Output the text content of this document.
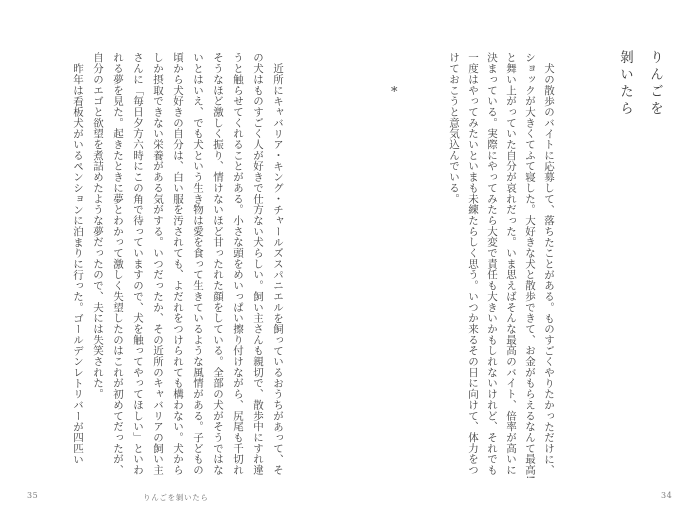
りんごを
剝いたら

犬の散歩のバイトに応募して、落ちたことがある。ものすごくやりたかっただけに、ショックが大きくてふて寝した。大好きな犬と散歩できて、お金がもらえるなんて最高!と舞い上がっていた自分が哀れだった。いま思えばそんな最高のバイト、倍率が高いに決まっている。実際にやってみたら大変で責任も大きいかもしれないけれど、それでも一度はやってみたいといまも未練たらしく思う。いつか来るその日に向けて、体力をつけておこうと意気込んでいる。

*
34

近所にキャバリア・キング・チャールズスパニエルを飼っているおうちがあって、その犬はものすごく人が好きで仕方ない犬らしい。飼い主さんも親切で、散歩中にすれ違うと触らせてくれることがある。小さな頭をめいっぱい擦り付けながら、尻尾も千切れそうなほど激しく振り、情けないほど甘ったれた顔をしている。全部の犬がそうではないとはいえ、でも犬という生き物は愛を食って生きているような風情がある。子どもの頃から犬好きの自分は、白い服を汚されても、よだれをつけられても構わない。犬からしか摂取できない栄養がある気がする。いつだったか、その近所のキャバリアの飼い主さんに「毎日夕方六時にこの角で待っていますので、犬を触ってやってほしい」といわれる夢を見た。起きたときに夢とわかって激しく失望したのはこれが初めてだったが、自分のエゴと欲望を煮詰めたような夢だったので、夫には失笑された。

昨年は看板犬がいるペンションに泊まりに行った。ゴールデンレトリバーが四匹い

35	りんごを剝いたら
